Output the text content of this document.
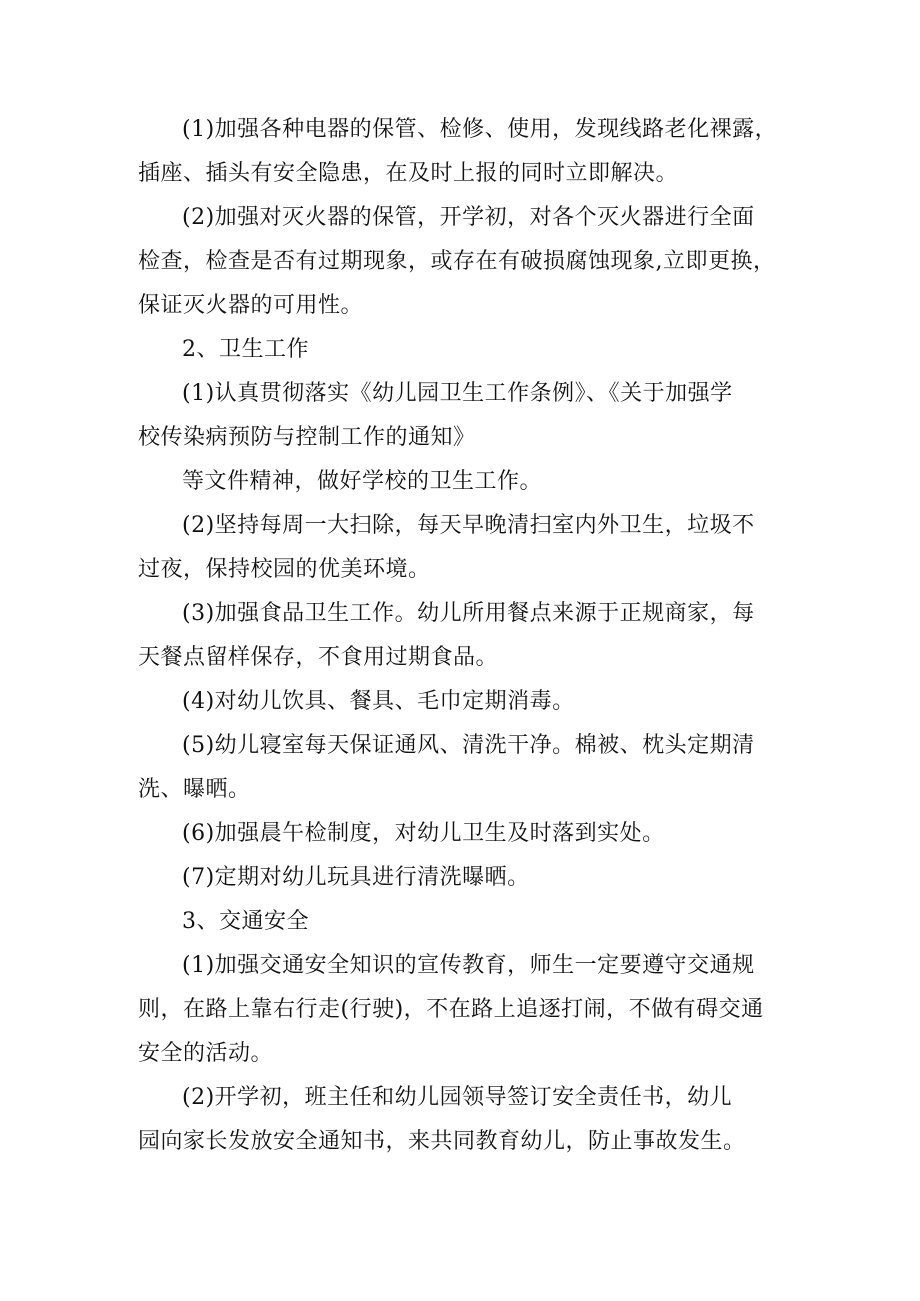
(1)加强各种电器的保管、检修、使用，发现线路老化裸露，
插座、插头有安全隐患，在及时上报的同时立即解决。
(2)加强对灭火器的保管，开学初，对各个灭火器进行全面
检查，检查是否有过期现象，或存在有破损腐蚀现象,立即更换，
保证灭火器的可用性。
2、卫生工作
(1)认真贯彻落实《幼儿园卫生工作条例》、《关于加强学
校传染病预防与控制工作的通知》
等文件精神，做好学校的卫生工作。
(2)坚持每周一大扫除，每天早晚清扫室内外卫生，垃圾不
过夜，保持校园的优美环境。
(3)加强食品卫生工作。幼儿所用餐点来源于正规商家，每
天餐点留样保存，不食用过期食品。
(4)对幼儿饮具、餐具、毛巾定期消毒。
(5)幼儿寝室每天保证通风、清洗干净。棉被、枕头定期清
洗、曝晒。
(6)加强晨午检制度，对幼儿卫生及时落到实处。
(7)定期对幼儿玩具进行清洗曝晒。
3、交通安全
(1)加强交通安全知识的宣传教育，师生一定要遵守交通规
则，在路上靠右行走(行驶)，不在路上追逐打闹，不做有碍交通
安全的活动。
(2)开学初，班主任和幼儿园领导签订安全责任书，幼儿
园向家长发放安全通知书，来共同教育幼儿，防止事故发生。
